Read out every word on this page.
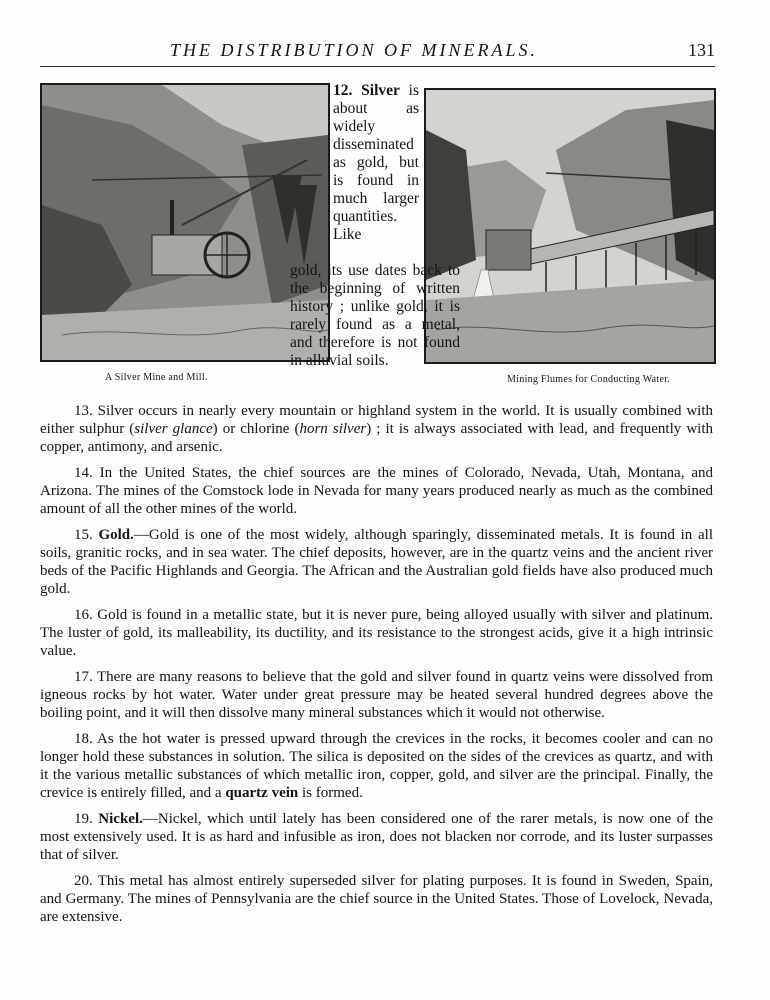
THE DISTRIBUTION OF MINERALS.	131
A Silver Mine and Mill.	Mining Flumes for Conducting Water.

12. Silver is about as widely disseminated as gold, but is found in much larger quantities. Like

gold, its use dates back to the beginning of written history ; unlike gold, it is rarely found as a metal, and therefore is not found in alluvial soils.

13. Silver occurs in nearly every mountain or highland system in the world. It is usually combined with either sulphur (silver glance) or chlorine (horn silver) ; it is always associated with lead, and frequently with copper, antimony, and arsenic.

14. In the United States, the chief sources are the mines of Colorado, Nevada, Utah, Montana, and Arizona. The mines of the Comstock lode in Nevada for many years produced nearly as much as the combined amount of all the other mines of the world.

15. Gold.—Gold is one of the most widely, although sparingly, disseminated metals. It is found in all soils, granitic rocks, and in sea water. The chief deposits, however, are in the quartz veins and the ancient river beds of the Pacific Highlands and Georgia. The African and the Australian gold fields have also produced much gold.

16. Gold is found in a metallic state, but it is never pure, being alloyed usually with silver and platinum. The luster of gold, its malleability, its ductility, and its resistance to the strongest acids, give it a high intrinsic value.

17. There are many reasons to believe that the gold and silver found in quartz veins were dissolved from igneous rocks by hot water. Water under great pressure may be heated several hundred degrees above the boiling point, and it will then dissolve many mineral substances which it would not otherwise.

18. As the hot water is pressed upward through the crevices in the rocks, it becomes cooler and can no longer hold these substances in solution. The silica is deposited on the sides of the crevices as quartz, and with it the various metallic substances of which metallic iron, copper, gold, and silver are the principal. Finally, the crevice is entirely filled, and a quartz vein is formed.

19. Nickel.—Nickel, which until lately has been considered one of the rarer metals, is now one of the most extensively used. It is as hard and infusible as iron, does not blacken nor corrode, and its luster surpasses that of silver.

20. This metal has almost entirely superseded silver for plating purposes. It is found in Sweden, Spain, and Germany. The mines of Pennsylvania are the chief source in the United States. Those of Lovelock, Nevada, are extensive.
